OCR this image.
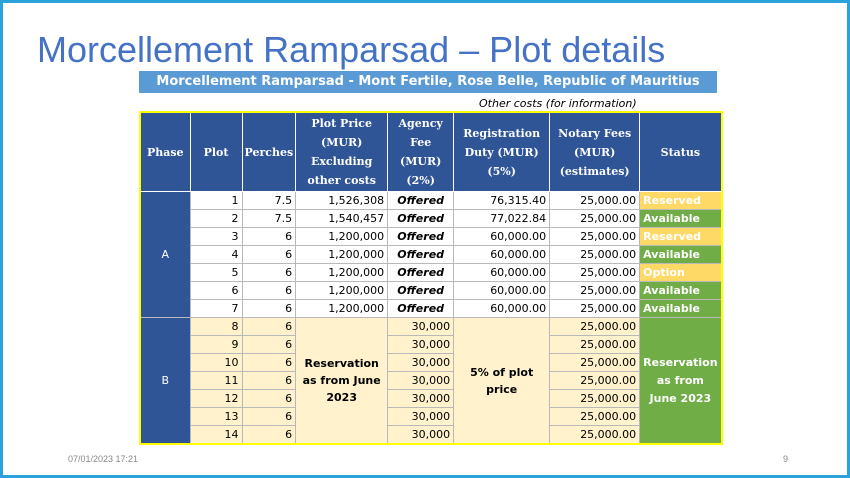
Morcellement Ramparsad – Plot details
Morcellement Ramparsad - Mont Fertile, Rose Belle, Republic of Mauritius
Other costs (for information)
Phase	Plot	Perches	Plot Price (MUR) Excluding other costs	Agency Fee (MUR) (2%)	Registration Duty (MUR) (5%)	Notary Fees (MUR) (estimates)	Status
A	1	7.5	1,526,308	Offered	76,315.40	25,000.00	Reserved
	2	7.5	1,540,457	Offered	77,022.84	25,000.00	Available
	3	6	1,200,000	Offered	60,000.00	25,000.00	Reserved
	4	6	1,200,000	Offered	60,000.00	25,000.00	Available
	5	6	1,200,000	Offered	60,000.00	25,000.00	Option
	6	6	1,200,000	Offered	60,000.00	25,000.00	Available
	7	6	1,200,000	Offered	60,000.00	25,000.00	Available
B	8	6	Reservation as from June 2023	30,000	5% of plot price	25,000.00	Reservation as from June 2023
	9	6		30,000		25,000.00	
	10	6		30,000		25,000.00	
	11	6		30,000		25,000.00	
	12	6		30,000		25,000.00	
	13	6		30,000		25,000.00	
	14	6		30,000		25,000.00	
07/01/2023 17:21	9
